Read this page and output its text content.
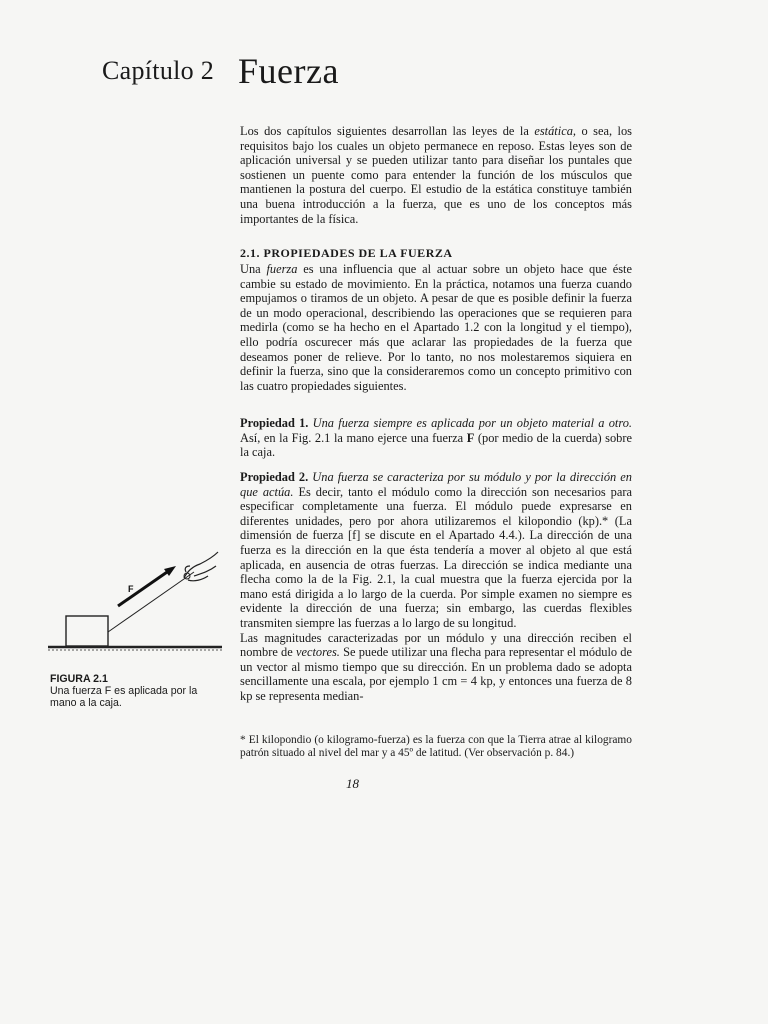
Capítulo 2 Fuerza

Los dos capítulos siguientes desarrollan las leyes de la estática, o sea, los requisitos bajo los cuales un objeto permanece en reposo. Estas leyes son de aplicación universal y se pueden utilizar tanto para diseñar los puntales que sostienen un puente como para entender la función de los músculos que mantienen la postura del cuerpo. El estudio de la estática constituye también una buena introducción a la fuerza, que es uno de los conceptos más importantes de la física.

2.1. PROPIEDADES DE LA FUERZA

Una fuerza es una influencia que al actuar sobre un objeto hace que éste cambie su estado de movimiento. En la práctica, notamos una fuerza cuando empujamos o tiramos de un objeto. A pesar de que es posible definir la fuerza de un modo operacional, describiendo las operaciones que se requieren para medirla (como se ha hecho en el Apartado 1.2 con la longitud y el tiempo), ello podría oscurecer más que aclarar las propiedades de la fuerza que deseamos poner de relieve. Por lo tanto, no nos molestaremos siquiera en definir la fuerza, sino que la consideraremos como un concepto primitivo con las cuatro propiedades siguientes.

Propiedad 1. Una fuerza siempre es aplicada por un objeto material a otro. Así, en la Fig. 2.1 la mano ejerce una fuerza F (por medio de la cuerda) sobre la caja.

Propiedad 2. Una fuerza se caracteriza por su módulo y por la dirección en que actúa. Es decir, tanto el módulo como la dirección son necesarios para especificar completamente una fuerza. El módulo puede expresarse en diferentes unidades, pero por ahora utilizaremos el kilopondio (kp).* (La dimensión de fuerza [f] se discute en el Apartado 4.4.). La dirección de una fuerza es la dirección en la que ésta tendería a mover al objeto al que está aplicada, en ausencia de otras fuerzas. La dirección se indica mediante una flecha como la de la Fig. 2.1, la cual muestra que la fuerza ejercida por la mano está dirigida a lo largo de la cuerda. Por simple examen no siempre es evidente la dirección de una fuerza; sin embargo, las cuerdas flexibles transmiten siempre las fuerzas a lo largo de su longitud.

Las magnitudes caracterizadas por un módulo y una dirección reciben el nombre de vectores. Se puede utilizar una flecha para representar el módulo de un vector al mismo tiempo que su dirección. En un problema dado se adopta sencillamente una escala, por ejemplo 1 cm = 4 kp, y entonces una fuerza de 8 kp se representa median-

F
FIGURA 2.1
Una fuerza F es aplicada por la mano a la caja.

* El kilopondio (o kilogramo-fuerza) es la fuerza con que la Tierra atrae al kilogramo patrón situado al nivel del mar y a 45º de latitud. (Ver observación p. 84.)

18
